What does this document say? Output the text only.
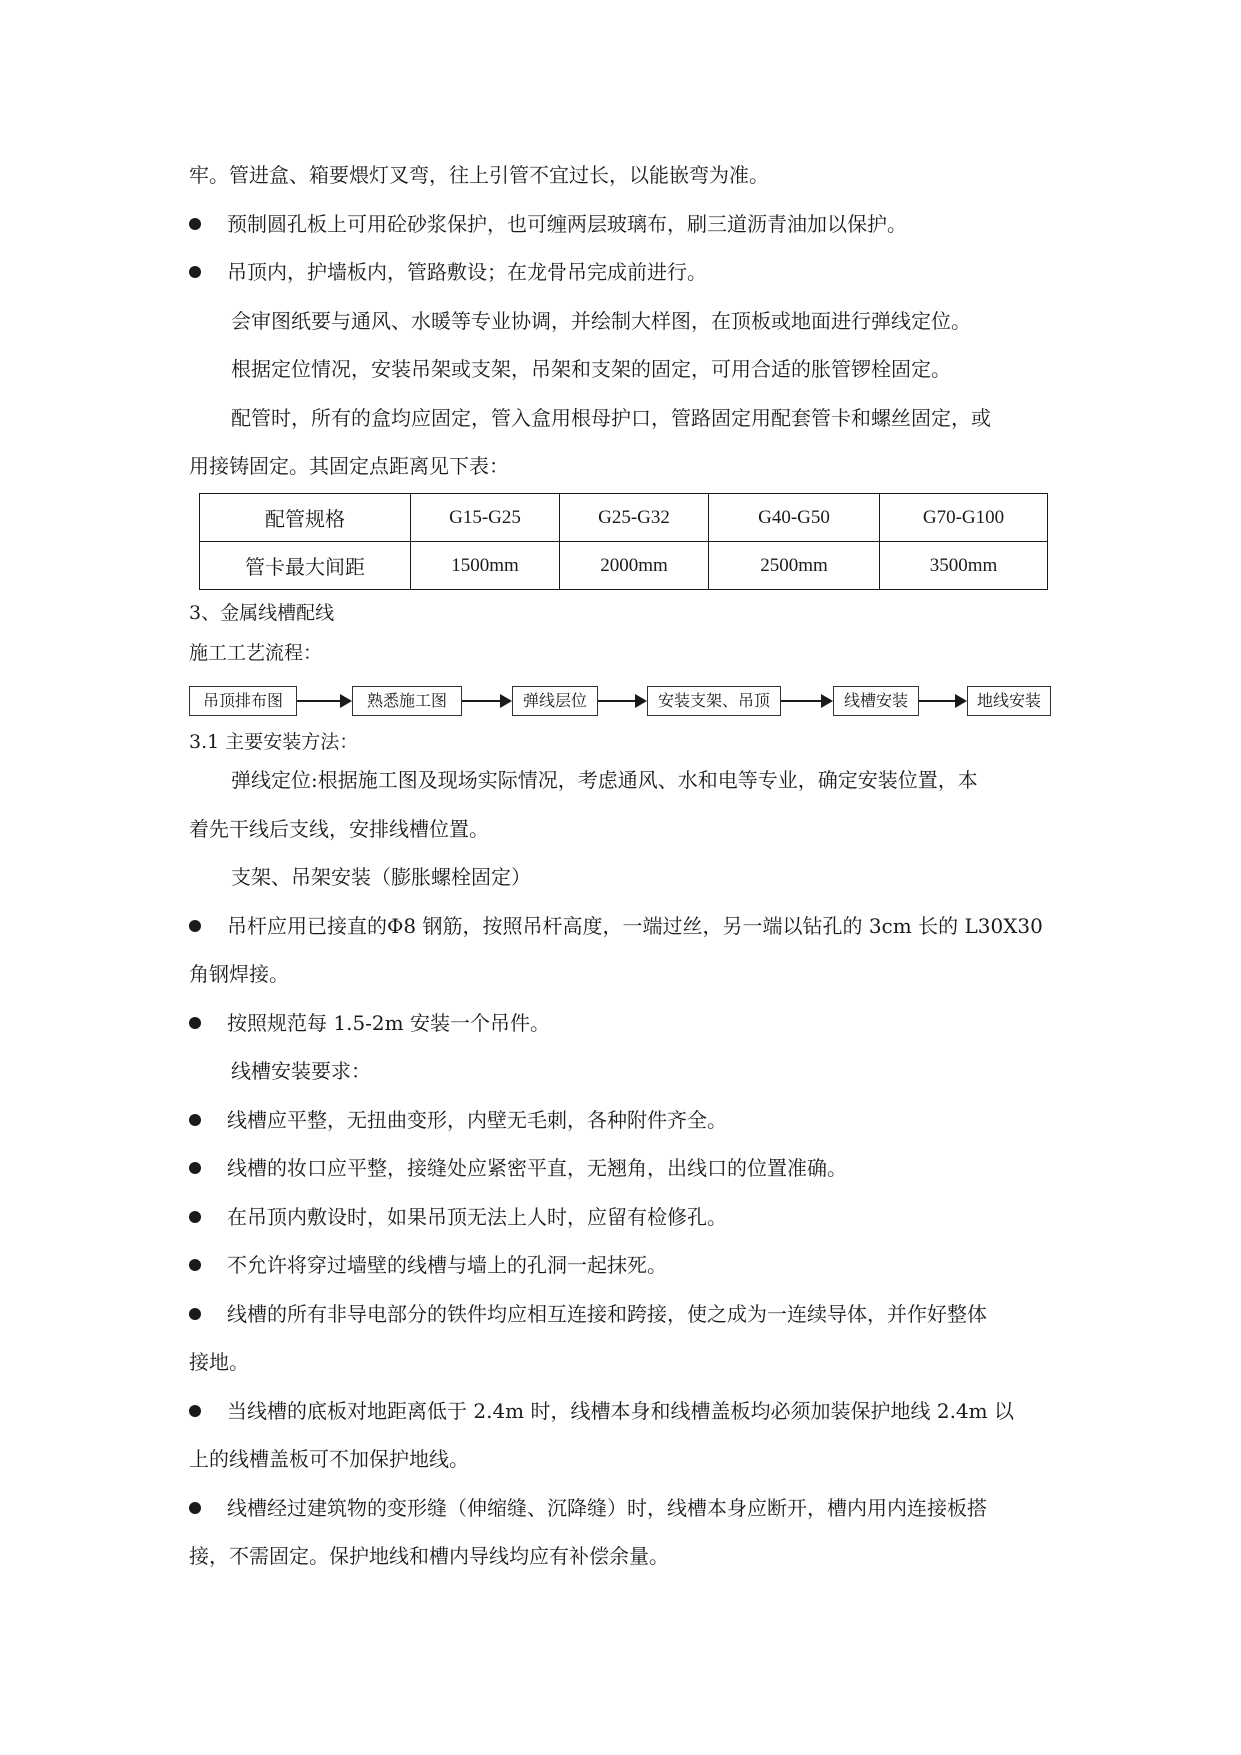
牢。管进盒、箱要煨灯叉弯，往上引管不宜过长，以能嵌弯为准。
预制圆孔板上可用砼砂浆保护，也可缠两层玻璃布，刷三道沥青油加以保护。
吊顶内，护墙板内，管路敷设；在龙骨吊完成前进行。
会审图纸要与通风、水暖等专业协调，并绘制大样图，在顶板或地面进行弹线定位。
根据定位情况，安装吊架或支架，吊架和支架的固定，可用合适的胀管锣栓固定。
配管时，所有的盒均应固定，管入盒用根母护口，管路固定用配套管卡和螺丝固定，或
用接铸固定。其固定点距离见下表：
配管规格	G15-G25	G25-G32	G40-G50	G70-G100
管卡最大间距	1500mm	2000mm	2500mm	3500mm
3、金属线槽配线
施工工艺流程：
吊顶排布图	熟悉施工图	弹线层位	安装支架、吊顶	线槽安装	地线安装
3.1 主要安装方法：
弹线定位:根据施工图及现场实际情况，考虑通风、水和电等专业，确定安装位置，本
着先干线后支线，安排线槽位置。
支架、吊架安装（膨胀螺栓固定）
吊杆应用已接直的Φ8 钢筋，按照吊杆高度，一端过丝，另一端以钻孔的 3cm 长的 L30X30
角钢焊接。
按照规范每 1.5-2m 安装一个吊件。
线槽安装要求：
线槽应平整，无扭曲变形，内壁无毛刺，各种附件齐全。
线槽的妆口应平整，接缝处应紧密平直，无翘角，出线口的位置准确。
在吊顶内敷设时，如果吊顶无法上人时，应留有检修孔。
不允许将穿过墙壁的线槽与墙上的孔洞一起抹死。
线槽的所有非导电部分的铁件均应相互连接和跨接，使之成为一连续导体，并作好整体
接地。
当线槽的底板对地距离低于 2.4m 时，线槽本身和线槽盖板均必须加装保护地线 2.4m 以
上的线槽盖板可不加保护地线。
线槽经过建筑物的变形缝（伸缩缝、沉降缝）时，线槽本身应断开，槽内用内连接板搭
接，不需固定。保护地线和槽内导线均应有补偿余量。
